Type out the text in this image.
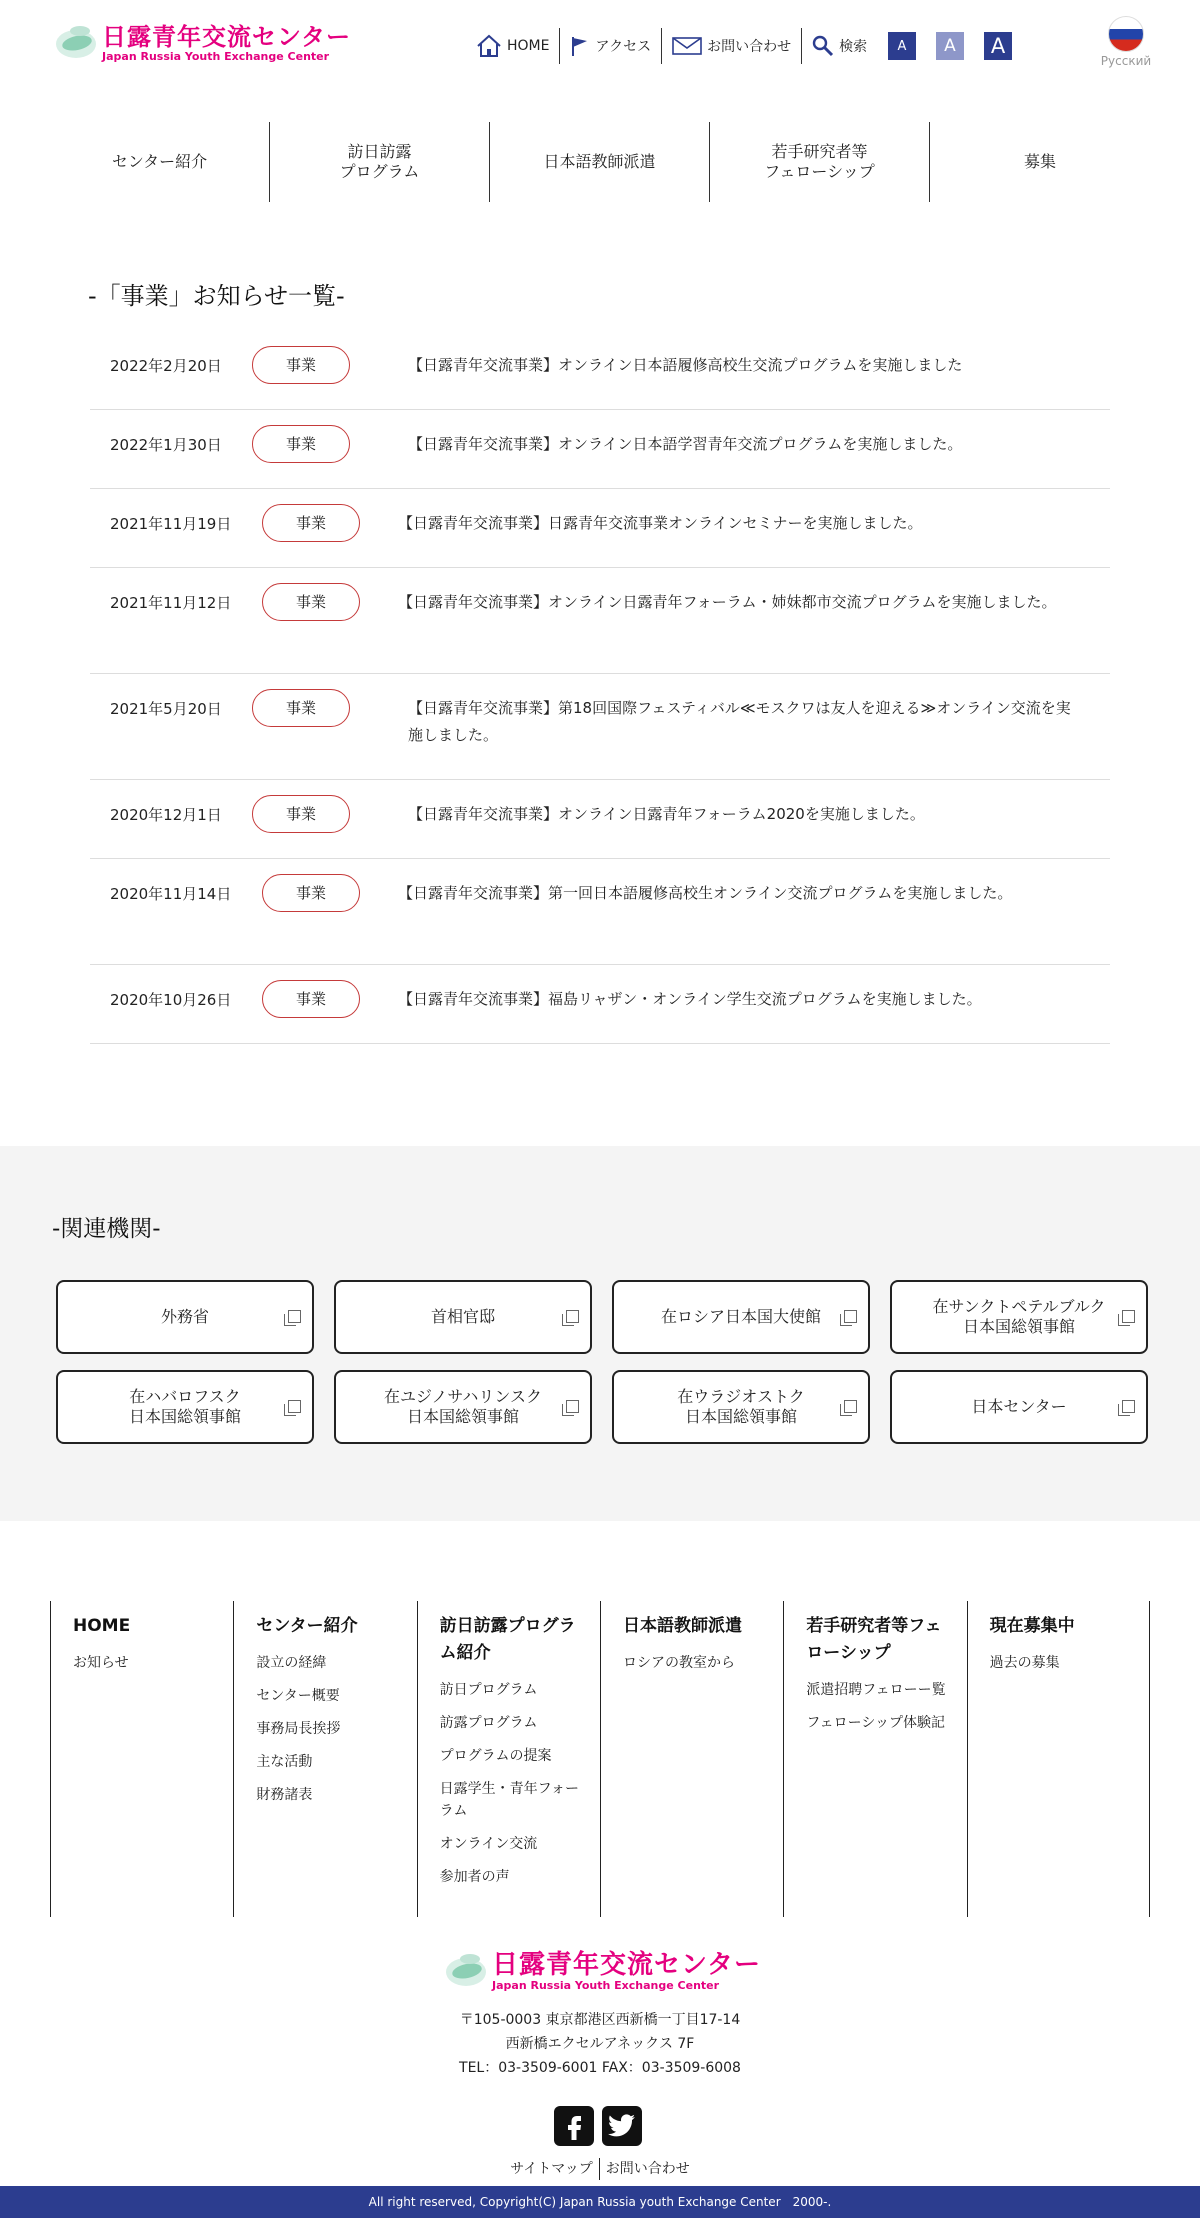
日露青年交流センター
Japan Russia Youth Exchange Center
HOME	アクセス	お問い合わせ	検索	A	A	A
Русский
センター紹介
訪日訪露
プログラム
日本語教師派遣
若手研究者等
フェローシップ
募集
-「事業」お知らせ一覧-
2022年2月20日	事業	【日露青年交流事業】オンライン日本語履修高校生交流プログラムを実施しました
2022年1月30日	事業	【日露青年交流事業】オンライン日本語学習青年交流プログラムを実施しました。
2021年11月19日	事業	【日露青年交流事業】日露青年交流事業オンラインセミナーを実施しました。
2021年11月12日	事業	【日露青年交流事業】オンライン日露青年フォーラム・姉妹都市交流プログラムを実施しました。
2021年5月20日	事業	【日露青年交流事業】第18回国際フェスティバル≪モスクワは友人を迎える≫オンライン交流を実施しました。
2020年12月1日	事業	【日露青年交流事業】オンライン日露青年フォーラム2020を実施しました。
2020年11月14日	事業	【日露青年交流事業】第一回日本語履修高校生オンライン交流プログラムを実施しました。
2020年10月26日	事業	【日露青年交流事業】福島リャザン・オンライン学生交流プログラムを実施しました。
-関連機関-
外務省	首相官邸	在ロシア日本国大使館
在サンクトペテルブルク
日本国総領事館
在ハバロフスク
日本国総領事館
在ユジノサハリンスク
日本国総領事館
在ウラジオストク
日本国総領事館
日本センター
HOME
お知らせ
センター紹介
設立の経緯
センター概要
事務局長挨拶
主な活動
財務諸表
訪日訪露プログラム紹介
訪日プログラム
訪露プログラム
プログラムの提案
日露学生・青年フォーラム
オンライン交流
参加者の声
日本語教師派遣
ロシアの教室から
若手研究者等フェローシップ
派遣招聘フェローー覧
フェローシップ体験記
現在募集中
過去の募集
日露青年交流センター
Japan Russia Youth Exchange Center
〒105-0003 東京都港区西新橋一丁目17-14
西新橋エクセルアネックス 7F
TEL：03-3509-6001 FAX：03-3509-6008
サイトマップ お問い合わせ
All right reserved, Copyright(C) Japan Russia youth Exchange Center　2000-.
